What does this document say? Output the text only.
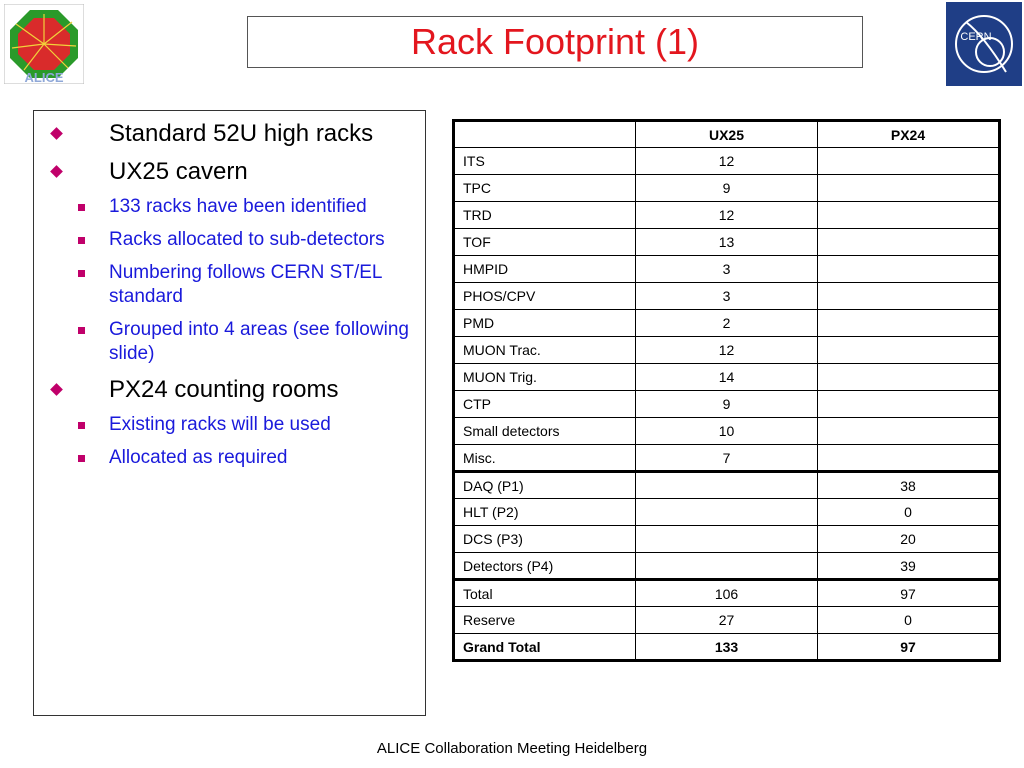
ALICE
CERN
Rack Footprint (1)
Standard 52U high racks
UX25 cavern
133 racks have been identified
Racks allocated to sub-detectors
Numbering follows CERN ST/EL standard
Grouped into 4 areas (see following slide)
PX24 counting rooms
Existing racks will be used
Allocated as required
	UX25	PX24
ITS	12	
TPC	9	
TRD	12	
TOF	13	
HMPID	3	
PHOS/CPV	3	
PMD	2	
MUON Trac.	12	
MUON Trig.	14	
CTP	9	
Small detectors	10	
Misc.	7	
DAQ (P1)		38
HLT (P2)		0
DCS (P3)		20
Detectors (P4)		39
Total	106	97
Reserve	27	0
Grand Total	133	97
ALICE Collaboration Meeting Heidelberg
